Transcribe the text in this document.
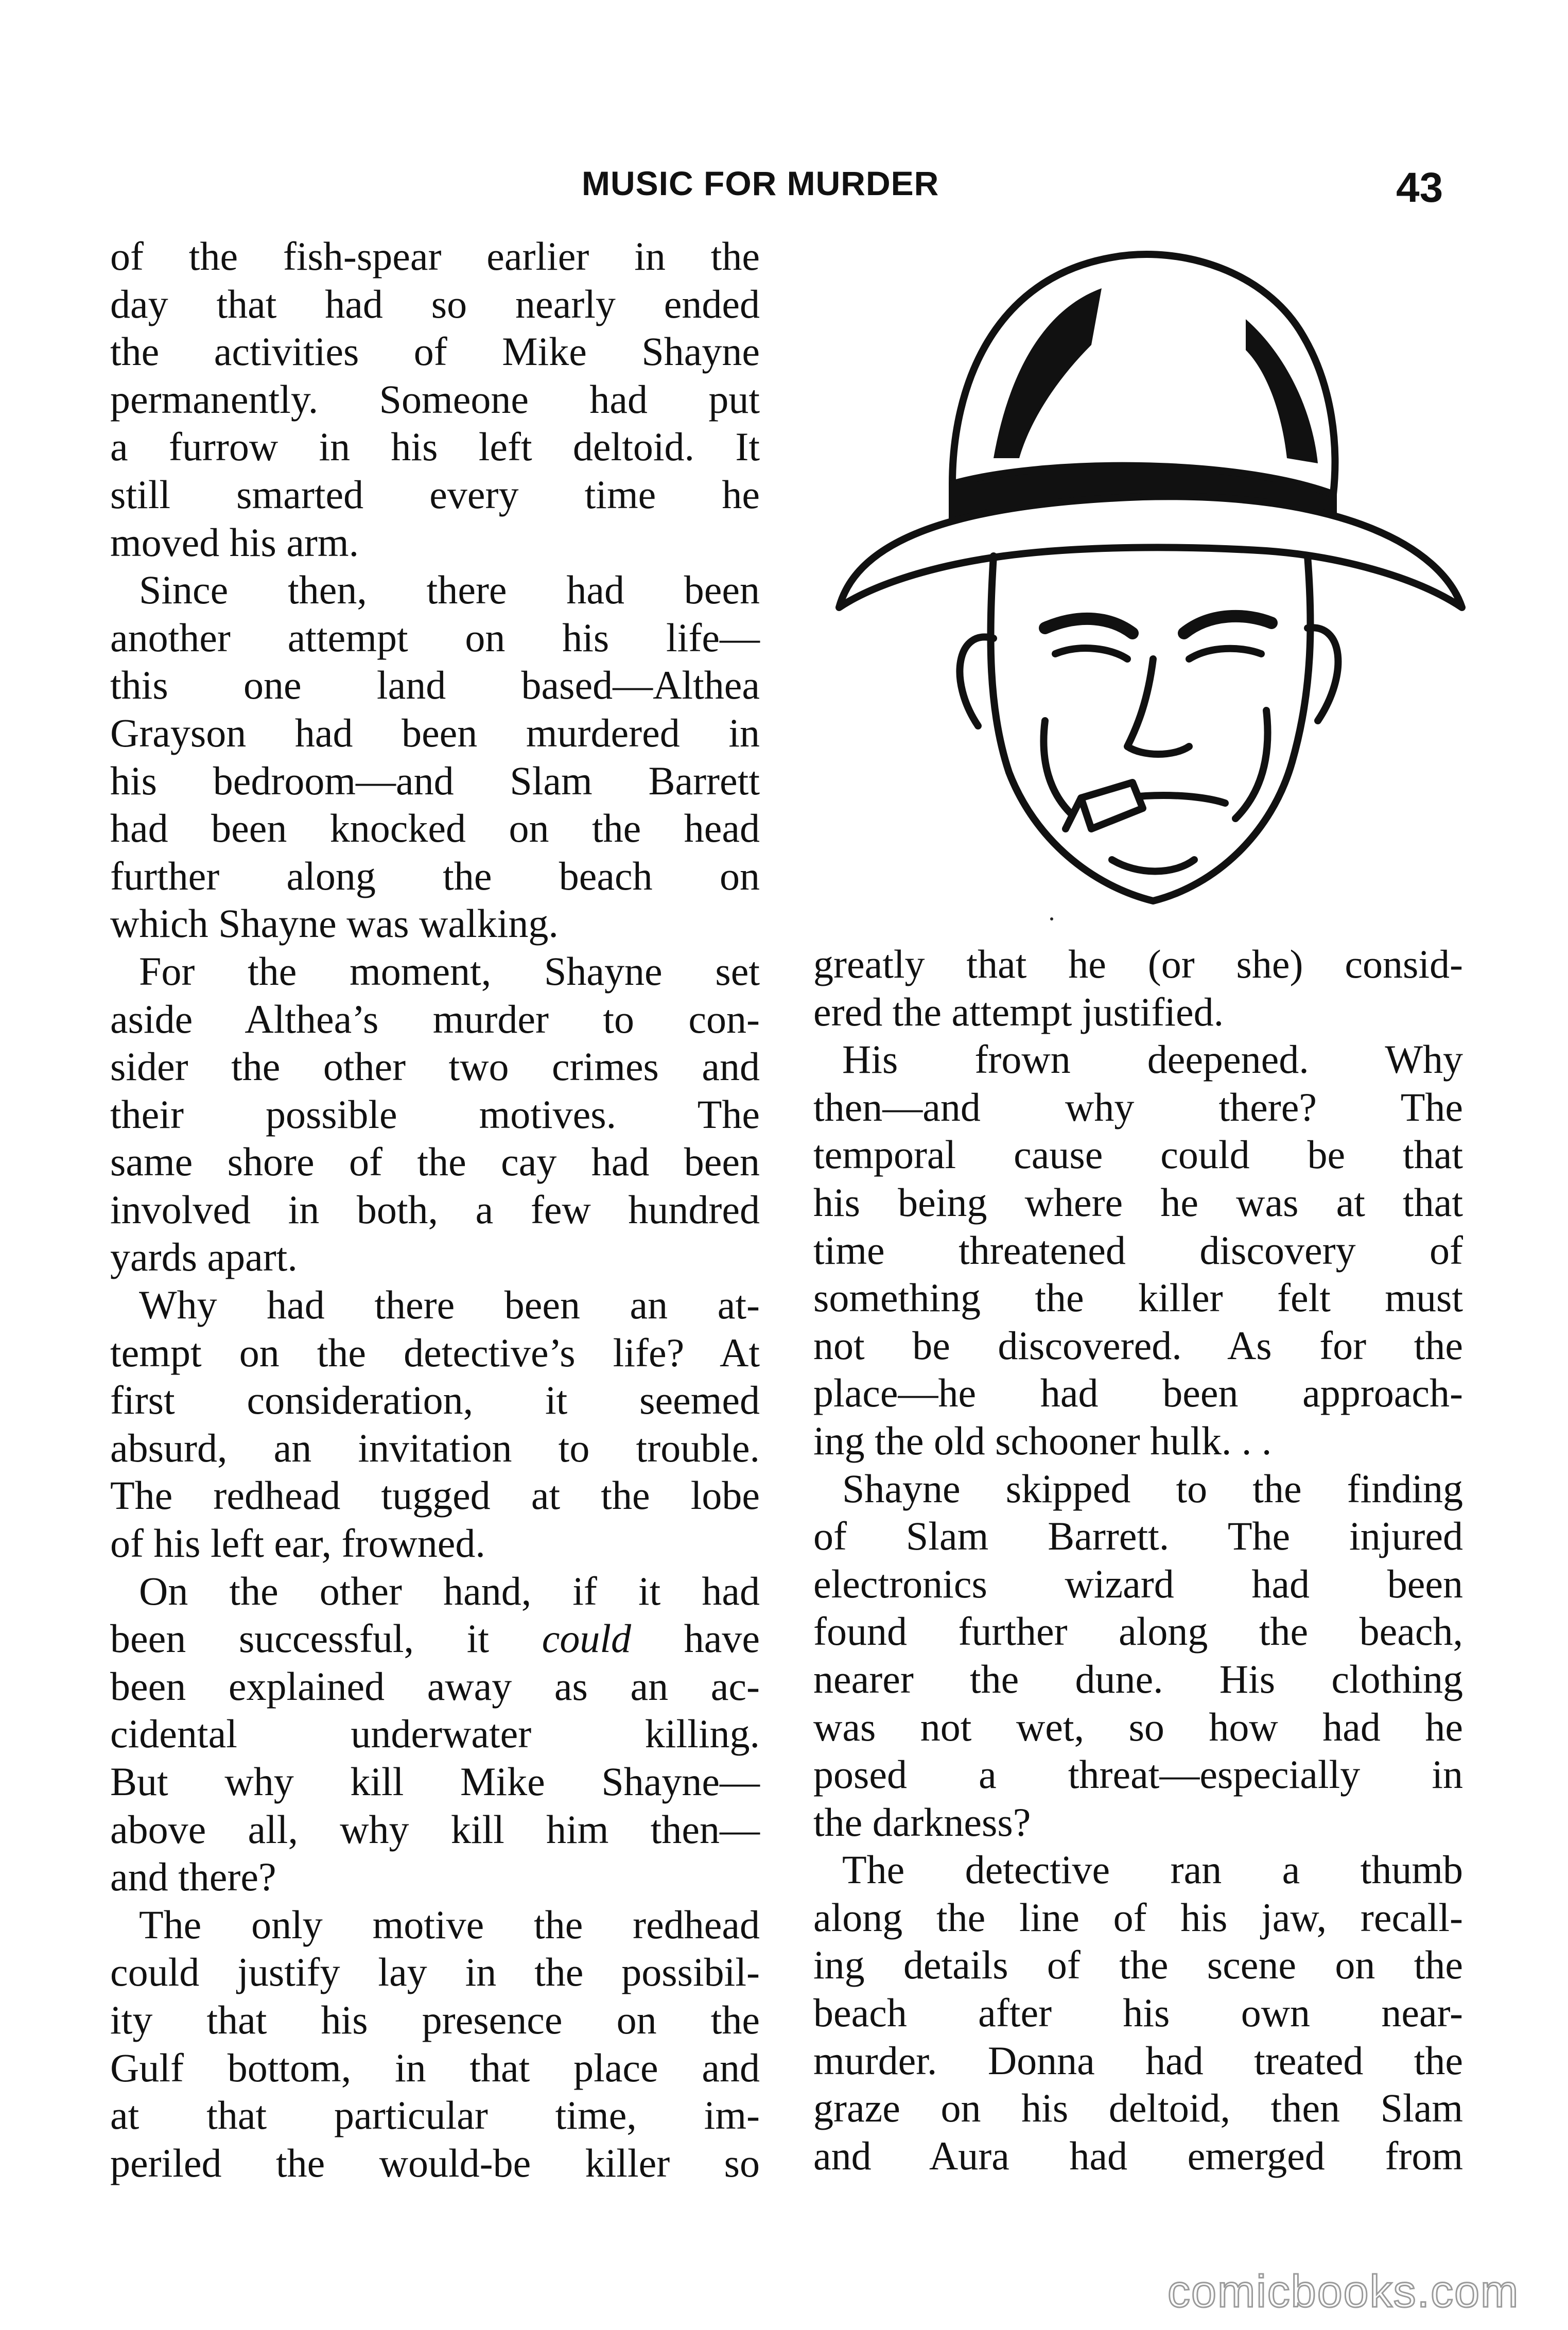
MUSIC FOR MURDER	43
of the fish-spear earlier in the
day that had so nearly ended
the activities of Mike Shayne
permanently. Someone had put
a furrow in his left deltoid. It
still smarted every time he
moved his arm.
Since then, there had been
another attempt on his life—
this one land based—Althea
Grayson had been murdered in
his bedroom—and Slam Barrett
had been knocked on the head
further along the beach on
which Shayne was walking.
For the moment, Shayne set
aside Althea’s murder to con-
sider the other two crimes and
their possible motives. The
same shore of the cay had been
involved in both, a few hundred
yards apart.
Why had there been an at-
tempt on the detective’s life? At
first consideration, it seemed
absurd, an invitation to trouble.
The redhead tugged at the lobe
of his left ear, frowned.
On the other hand, if it had
been successful, it could have
been explained away as an ac-
cidental underwater killing.
But why kill Mike Shayne—
above all, why kill him then—
and there?
The only motive the redhead
could justify lay in the possibil-
ity that his presence on the
Gulf bottom, in that place and
at that particular time, im-
periled the would-be killer so
greatly that he (or she) consid-
ered the attempt justified.
His frown deepened. Why
then—and why there? The
temporal cause could be that
his being where he was at that
time threatened discovery of
something the killer felt must
not be discovered. As for the
place—he had been approach-
ing the old schooner hulk. . .
Shayne skipped to the finding
of Slam Barrett. The injured
electronics wizard had been
found further along the beach,
nearer the dune. His clothing
was not wet, so how had he
posed a threat—especially in
the darkness?
The detective ran a thumb
along the line of his jaw, recall-
ing details of the scene on the
beach after his own near-
murder. Donna had treated the
graze on his deltoid, then Slam
and Aura had emerged from
comicbooks.com
